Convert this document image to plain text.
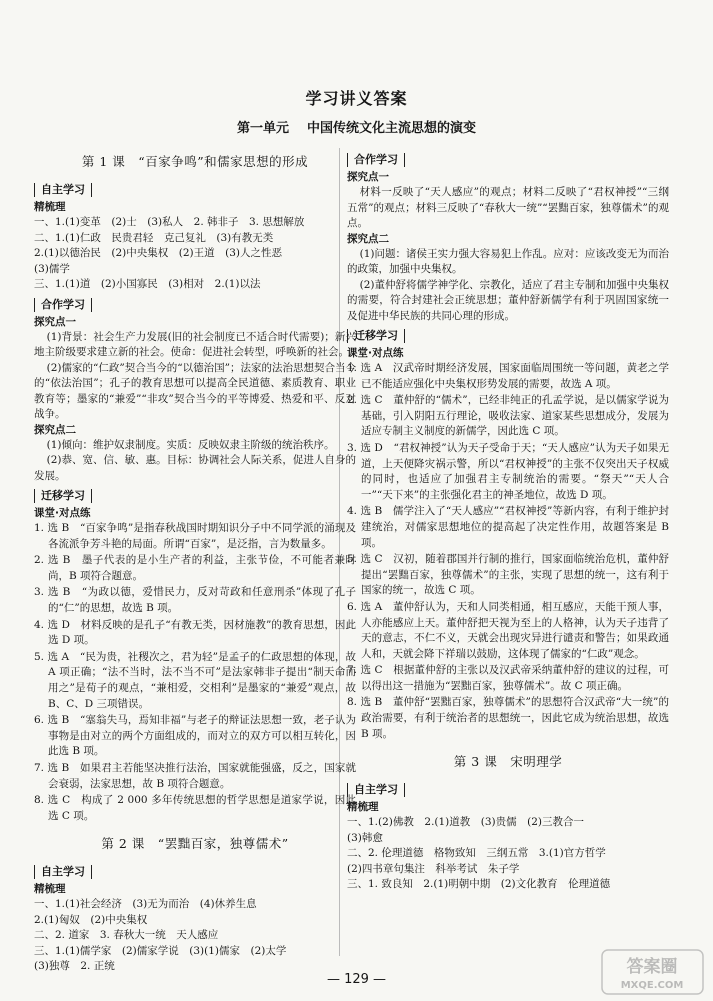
学习讲义答案
第一单元 中国传统文化主流思想的演变
第 1 课　“百家争鸣”和儒家思想的形成
自主学习
精梳理
一、1.(1)变革　(2)士　(3)私人　2. 韩非子　3. 思想解放
二、1.(1)仁政　民贵君轻　克己复礼　(3)有教无类
2.(1)以德治民　(2)中央集权　(2)王道　(3)人之性恶
(3)儒学
三、1.(1)道　(2)小国寡民　(3)相对　2.(1)以法
合作学习
探究点一
(1)背景：社会生产力发展(旧的社会制度已不适合时代需要)；新兴地主阶级要求建立新的社会。使命：促进社会转型，呼唤新的社会。
(2)儒家的“仁政”契合当今的“以德治国”；法家的法治思想契合当今的“依法治国”；孔子的教育思想可以提高全民道德、素质教育、职业教育等；墨家的“兼爱”“非攻”契合当今的平等博爱、热爱和平、反对战争。
探究点二
(1)倾向：维护奴隶制度。实质：反映奴隶主阶级的统治秩序。
(2)恭、宽、信、敏、惠。目标：协调社会人际关系，促进人自身的发展。
迁移学习
课堂·对点练
1. 选 B　“百家争鸣”是指春秋战国时期知识分子中不同学派的涌现及各流派争芳斗艳的局面。所谓“百家”，是泛指，言为数量多。
2. 选 B　墨子代表的是小生产者的利益，主张节俭，不可能者兼时尚，B 项符合题意。
3. 选 B　“为政以德，爱惜民力，反对苛政和任意刑杀”体现了孔子的“仁”的思想，故选 B 项。
4. 选 D　材料反映的是孔子“有教无类，因材施教”的教育思想，因此选 D 项。
5. 选 A　“民为贵，社稷次之，君为轻”是孟子的仁政思想的体现，故 A 项正确；“法不当时，法不当不可”是法家韩非子提出“制天命而用之”是荀子的观点，“兼相爱，交相利”是墨家的“兼爱”观点，故 B、C、D 三项错误。
6. 选 B　“塞翁失马，焉知非福”与老子的辩证法思想一致，老子认为事物是由对立的两个方面组成的，而对立的双方可以相互转化，因此选 B 项。
7. 选 B　如果君主若能坚决推行法治，国家就能强盛，反之，国家就会衰弱，法家思想，故 B 项符合题意。
8. 选 C　构成了 2 000 多年传统思想的哲学思想是道家学说，因此选 C 项。
第 2 课　“罢黜百家，独尊儒术”
自主学习
精梳理
一、1.(1)社会经济　(3)无为而治　(4)休养生息
2.(1)匈奴　(2)中央集权
二、2. 道家　3. 春秋大一统　天人感应
三、1.(1)儒学家　(2)儒家学说　(3)(1)儒家　(2)太学
(3)独尊　2. 正统
合作学习
探究点一
材料一反映了“天人感应”的观点；材料二反映了“君权神授”“三纲五常”的观点；材料三反映了“春秋大一统”“罢黜百家，独尊儒术”的观点。
探究点二
(1)问题：诸侯王实力强大容易犯上作乱。应对：应该改变无为而治的政策，加强中央集权。
(2)董仲舒将儒学神学化、宗教化，适应了君主专制和加强中央集权的需要，符合封建社会正统思想；董仲舒新儒学有利于巩固国家统一及促进中华民族的共同心理的形成。
迁移学习
课堂·对点练
1. 选 A　汉武帝时期经济发展，国家面临周围统一等问题，黄老之学已不能适应强化中央集权形势发展的需要，故选 A 项。
2. 选 C　董仲舒的“儒术”，已经非纯正的孔孟学说，是以儒家学说为基础，引入阴阳五行理论，吸收法家、道家某些思想成分，发展为适应专制主义制度的新儒学，因此选 C 项。
3. 选 D　“君权神授”认为天子受命于天；“天人感应”认为天子如果无道，上天便降灾祸示警，所以“君权神授”的主张不仅突出天子权威的同时，也适应了加强君主专制统治的需要。“祭天”“天人合一”“天下来”的主张强化君主的神圣地位，故选 D 项。
4. 选 B　儒学注入了“天人感应”“君权神授”等新内容，有利于维护封建统治，对儒家思想地位的提高起了决定性作用，故题答案是 B 项。
5. 选 C　汉初，随着郡国并行制的推行，国家面临统治危机，董仲舒提出“罢黜百家，独尊儒术”的主张，实现了思想的统一，这有利于国家的统一，故选 C 项。
6. 选 A　董仲舒认为，天和人同类相通，相互感应，天能干预人事，人亦能感应上天。董仲舒把天视为至上的人格神，认为天子违背了天的意志，不仁不义，天就会出现灾异进行谴责和警告；如果政通人和，天就会降下祥瑞以鼓励，这体现了儒家的“仁政”观念。
7. 选 C　根据董仲舒的主张以及汉武帝采纳董仲舒的建议的过程，可以得出这一措施为“罢黜百家，独尊儒术”。故 C 项正确。
8. 选 B　董仲舒“罢黜百家，独尊儒术”的思想符合汉武帝“大一统”的政治需要，有利于统治者的思想统一，因此它成为统治思想，故选 B 项。
第 3 课　宋明理学
自主学习
精梳理
一、1.(2)佛教　2.(1)道教　(3)贵儒　(2)三教合一
(3)韩愈
二、2. 伦理道德　格物致知　三纲五常　3.(1)官方哲学
(2)四书章句集注　科举考试　朱子学
三、1. 致良知　2.(1)明朝中期　(2)文化教育　伦理道德
— 129 —
答案圈
MXQE.COM
